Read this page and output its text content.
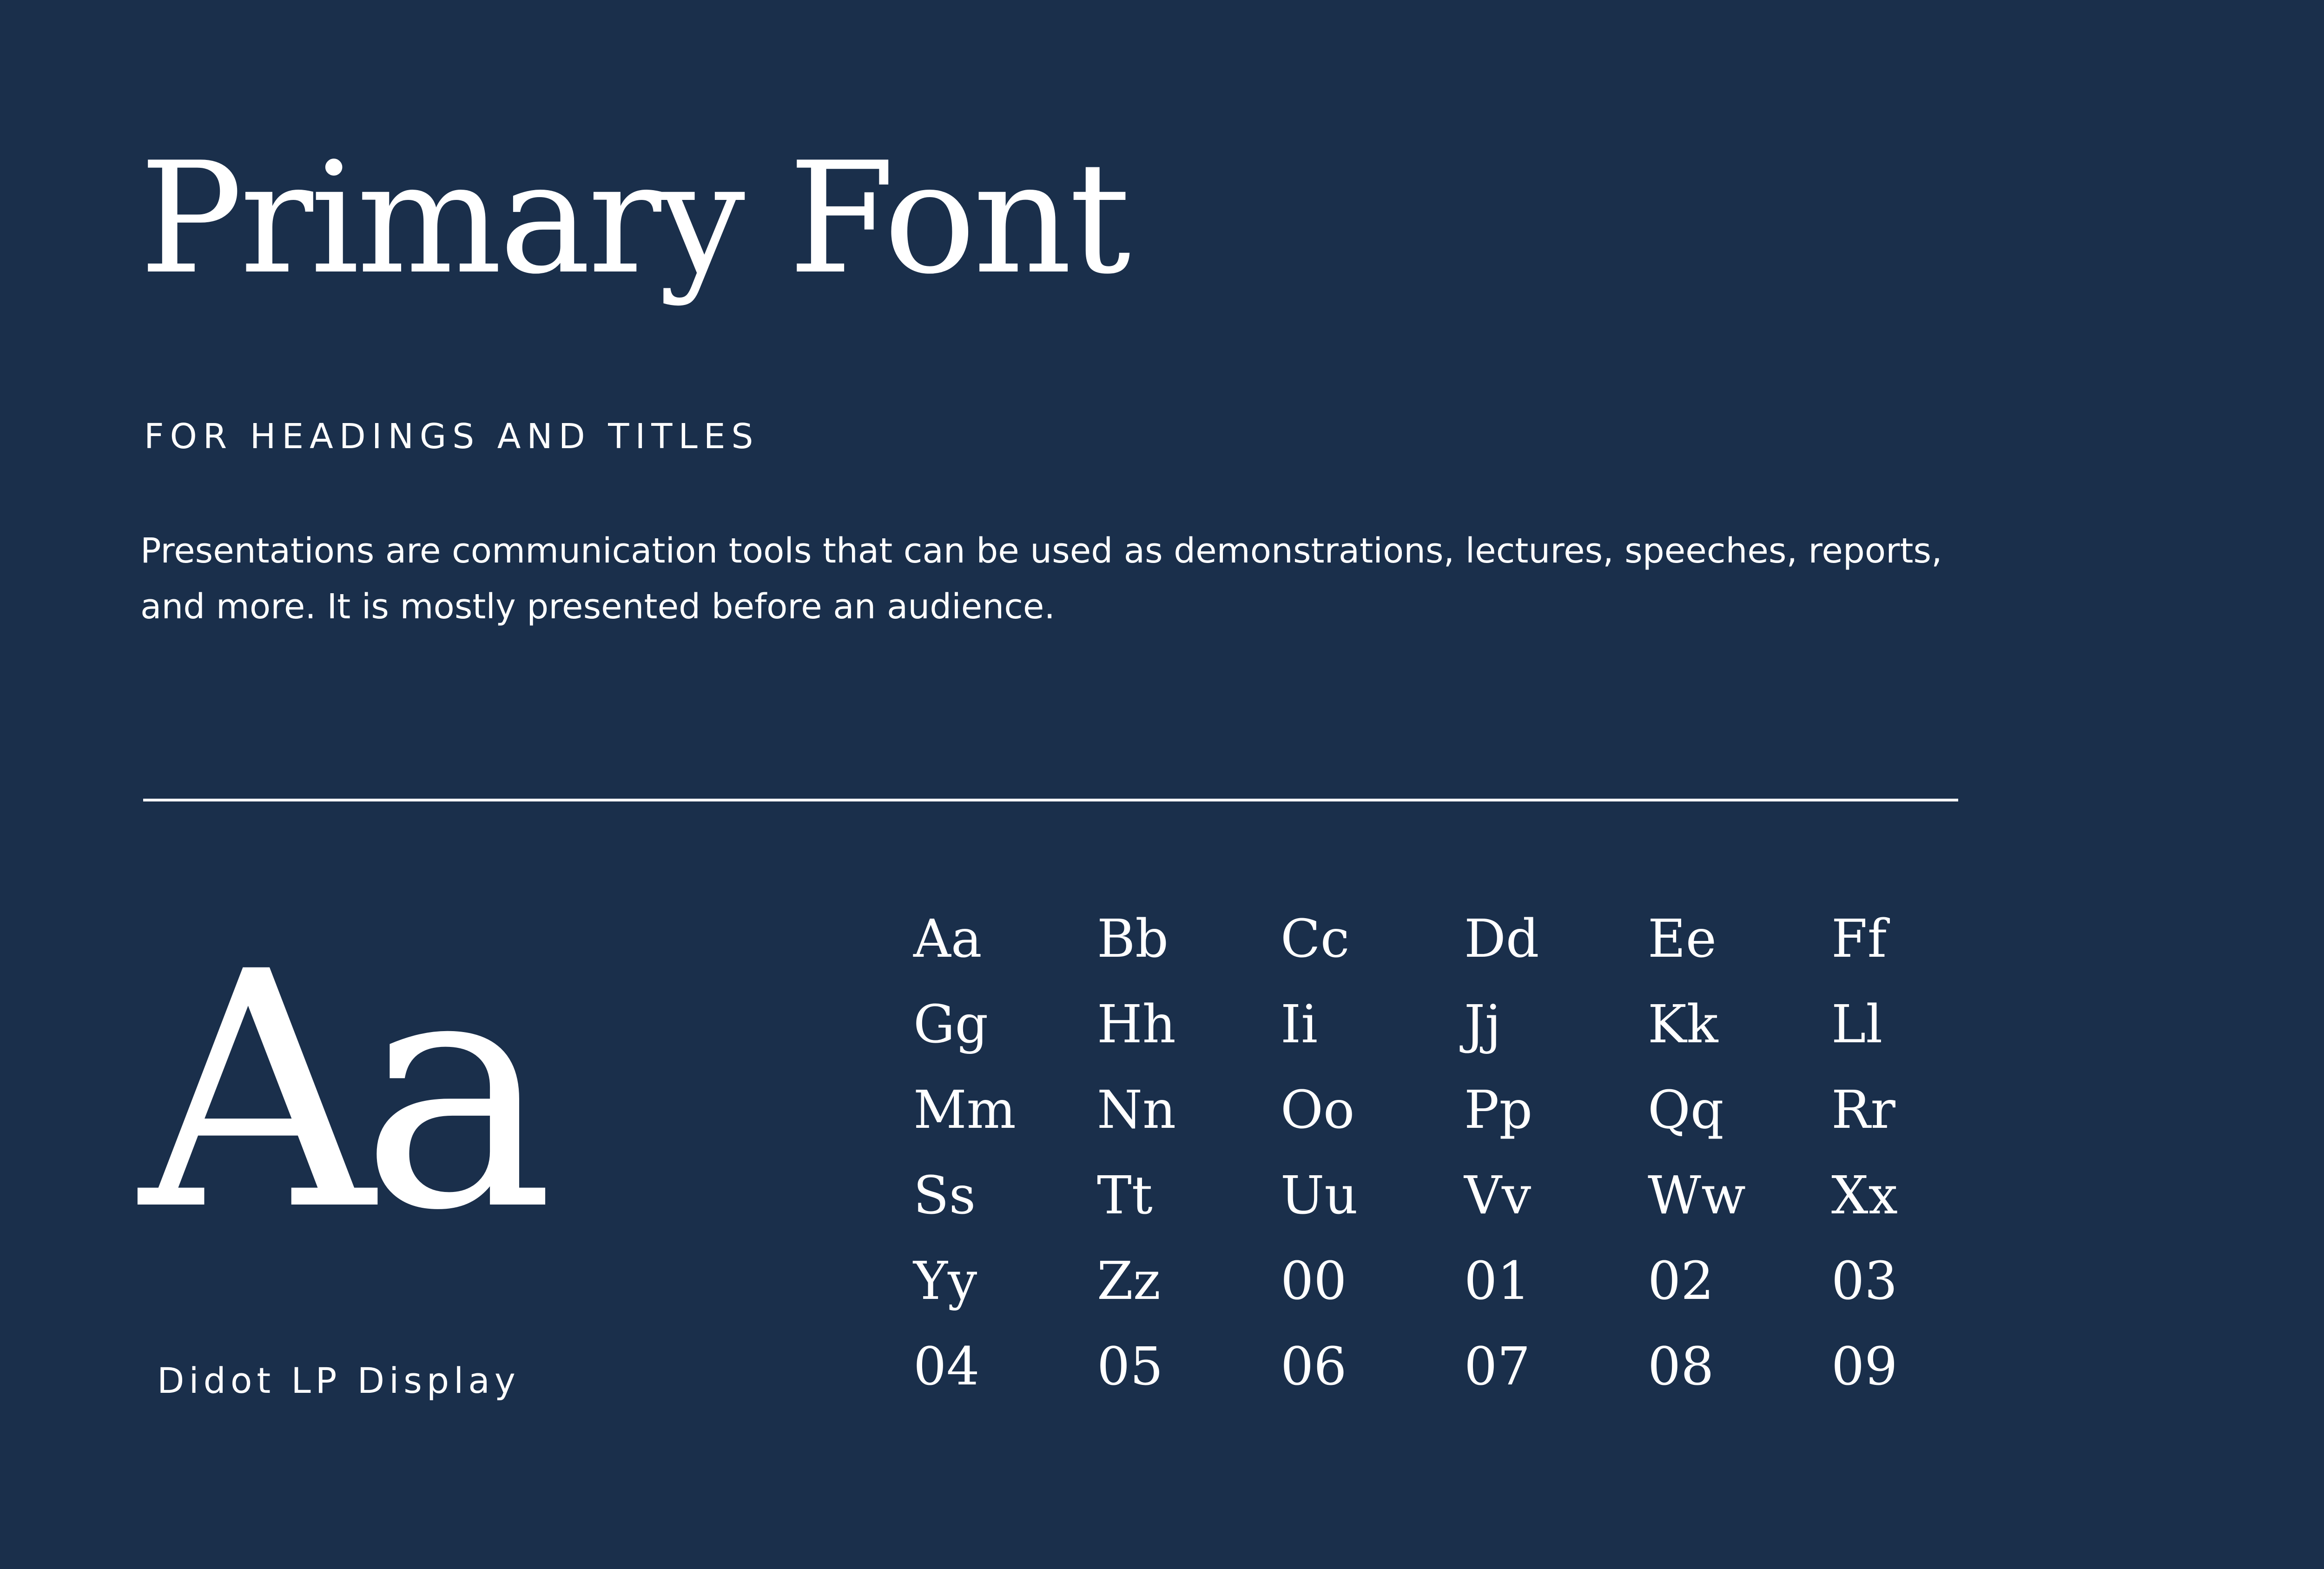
Primary Font
FOR HEADINGS AND TITLES

Presentations are communication tools that can be used as demonstrations, lectures, speeches, reports, and more. It is mostly presented before an audience.

Aa
Didot LP Display
Aa	Bb	Cc	Dd	Ee	Ff
Gg	Hh	Ii	Jj	Kk	Ll
Mm	Nn	Oo	Pp	Qq	Rr
Ss	Tt	Uu	Vv	Ww	Xx
Yy	Zz	00	01	02	03
04	05	06	07	08	09
